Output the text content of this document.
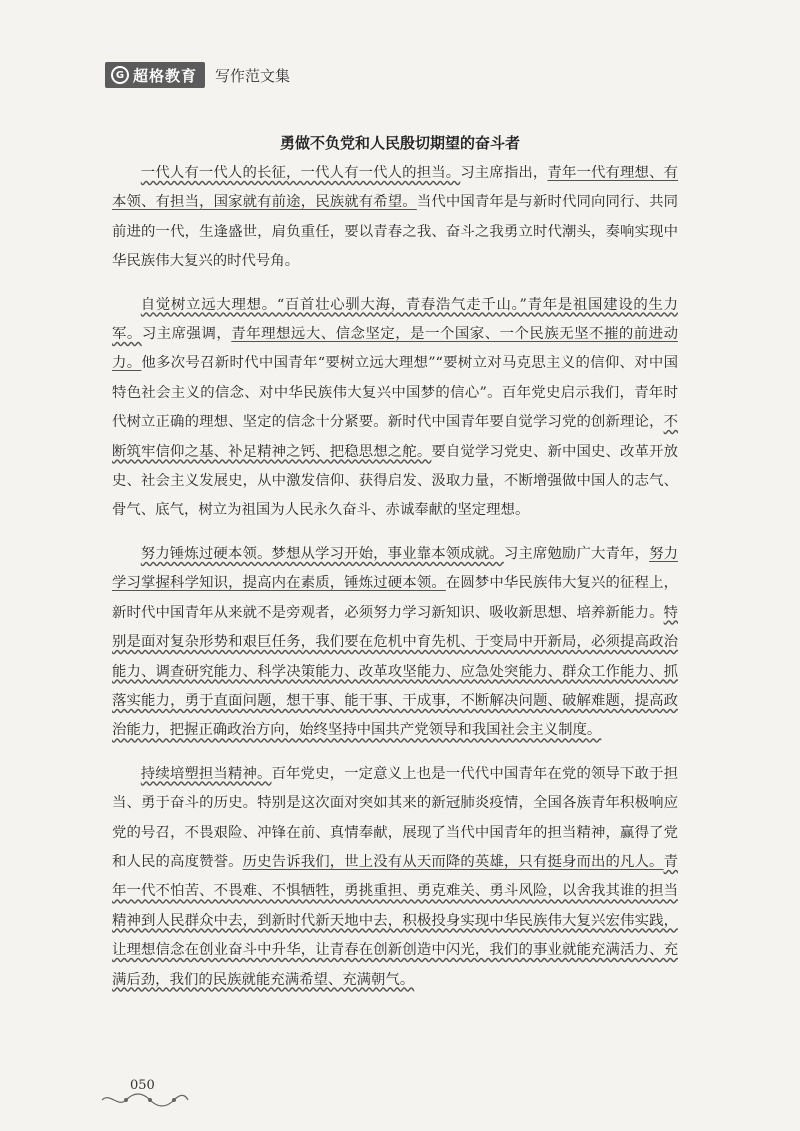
G 超格教育 写作范文集
勇做不负党和人民殷切期望的奋斗者

一代人有一代人的长征，一代人有一代人的担当。习主席指出，青年一代有理想、有本领、有担当，国家就有前途，民族就有希望。当代中国青年是与新时代同向同行、共同前进的一代，生逢盛世，肩负重任，要以青春之我、奋斗之我勇立时代潮头，奏响实现中华民族伟大复兴的时代号角。

自觉树立远大理想。“百首壮心驯大海，青春浩气走千山。”青年是祖国建设的生力军。习主席强调，青年理想远大、信念坚定，是一个国家、一个民族无坚不摧的前进动力。他多次号召新时代中国青年“要树立远大理想”“要树立对马克思主义的信仰、对中国特色社会主义的信念、对中华民族伟大复兴中国梦的信心”。百年党史启示我们，青年时代树立正确的理想、坚定的信念十分紧要。新时代中国青年要自觉学习党的创新理论，不断筑牢信仰之基、补足精神之钙、把稳思想之舵。要自觉学习党史、新中国史、改革开放史、社会主义发展史，从中激发信仰、获得启发、汲取力量，不断增强做中国人的志气、骨气、底气，树立为祖国为人民永久奋斗、赤诚奉献的坚定理想。

努力锤炼过硬本领。梦想从学习开始，事业靠本领成就。习主席勉励广大青年，努力学习掌握科学知识，提高内在素质，锤炼过硬本领。在圆梦中华民族伟大复兴的征程上，新时代中国青年从来就不是旁观者，必须努力学习新知识、吸收新思想、培养新能力。特别是面对复杂形势和艰巨任务，我们要在危机中育先机、于变局中开新局，必须提高政治能力、调查研究能力、科学决策能力、改革攻坚能力、应急处突能力、群众工作能力、抓落实能力，勇于直面问题，想干事、能干事、干成事，不断解决问题、破解难题，提高政治能力，把握正确政治方向，始终坚持中国共产党领导和我国社会主义制度。

持续培塑担当精神。百年党史，一定意义上也是一代代中国青年在党的领导下敢于担当、勇于奋斗的历史。特别是这次面对突如其来的新冠肺炎疫情，全国各族青年积极响应党的号召，不畏艰险、冲锋在前、真情奉献，展现了当代中国青年的担当精神，赢得了党和人民的高度赞誉。历史告诉我们，世上没有从天而降的英雄，只有挺身而出的凡人。青年一代不怕苦、不畏难、不惧牺牲，勇挑重担、勇克难关、勇斗风险，以舍我其谁的担当精神到人民群众中去，到新时代新天地中去，积极投身实现中华民族伟大复兴宏伟实践，让理想信念在创业奋斗中升华，让青春在创新创造中闪光，我们的事业就能充满活力、充满后劲，我们的民族就能充满希望、充满朝气。

050
